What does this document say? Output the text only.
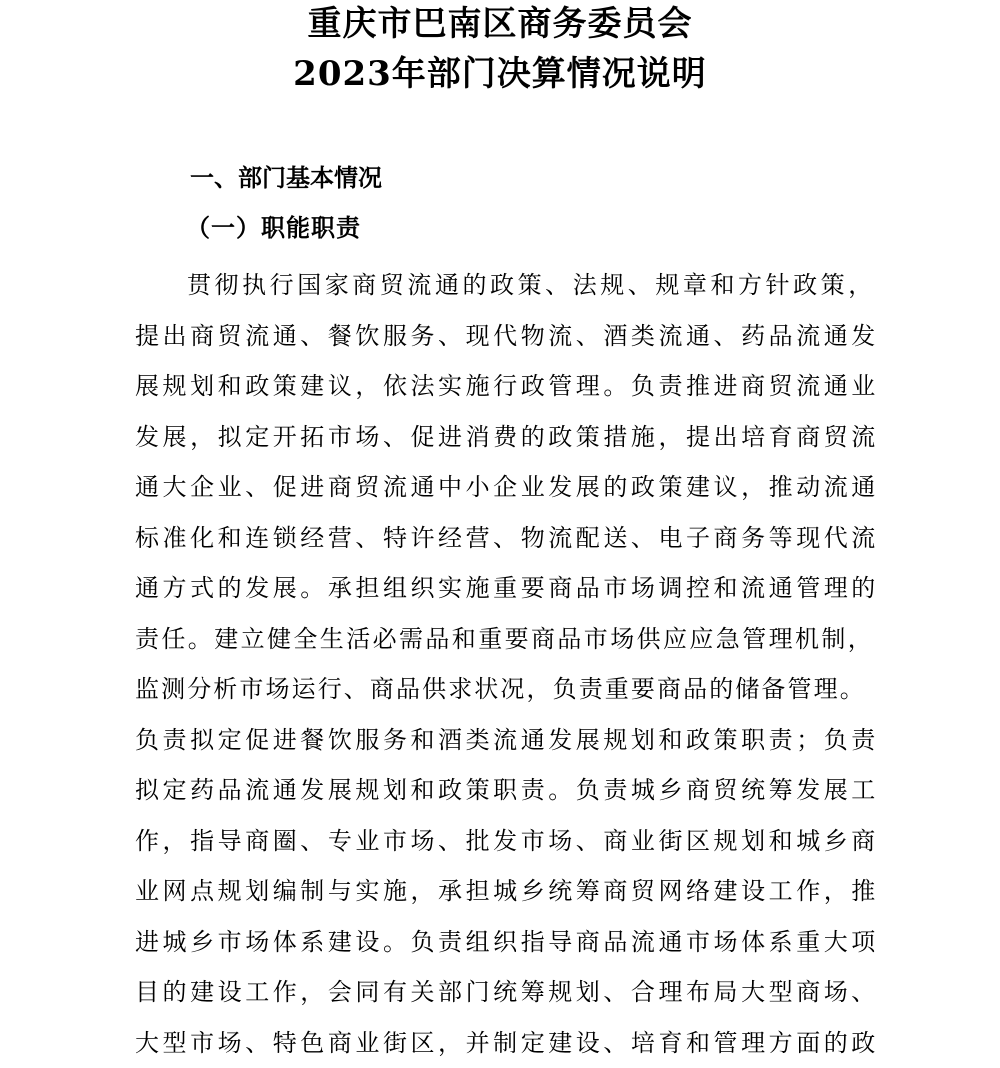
重庆市巴南区商务委员会
2023年部门决算情况说明
一、部门基本情况
（一）职能职责
贯彻执行国家商贸流通的政策、法规、规章和方针政策，
提出商贸流通、餐饮服务、现代物流、酒类流通、药品流通发
展规划和政策建议，依法实施行政管理。负责推进商贸流通业
发展，拟定开拓市场、促进消费的政策措施，提出培育商贸流
通大企业、促进商贸流通中小企业发展的政策建议，推动流通
标准化和连锁经营、特许经营、物流配送、电子商务等现代流
通方式的发展。承担组织实施重要商品市场调控和流通管理的
责任。建立健全生活必需品和重要商品市场供应应急管理机制，
监测分析市场运行、商品供求状况，负责重要商品的储备管理。
负责拟定促进餐饮服务和酒类流通发展规划和政策职责；负责
拟定药品流通发展规划和政策职责。负责城乡商贸统筹发展工
作，指导商圈、专业市场、批发市场、商业街区规划和城乡商
业网点规划编制与实施，承担城乡统筹商贸网络建设工作，推
进城乡市场体系建设。负责组织指导商品流通市场体系重大项
目的建设工作，会同有关部门统筹规划、合理布局大型商场、
大型市场、特色商业街区，并制定建设、培育和管理方面的政
